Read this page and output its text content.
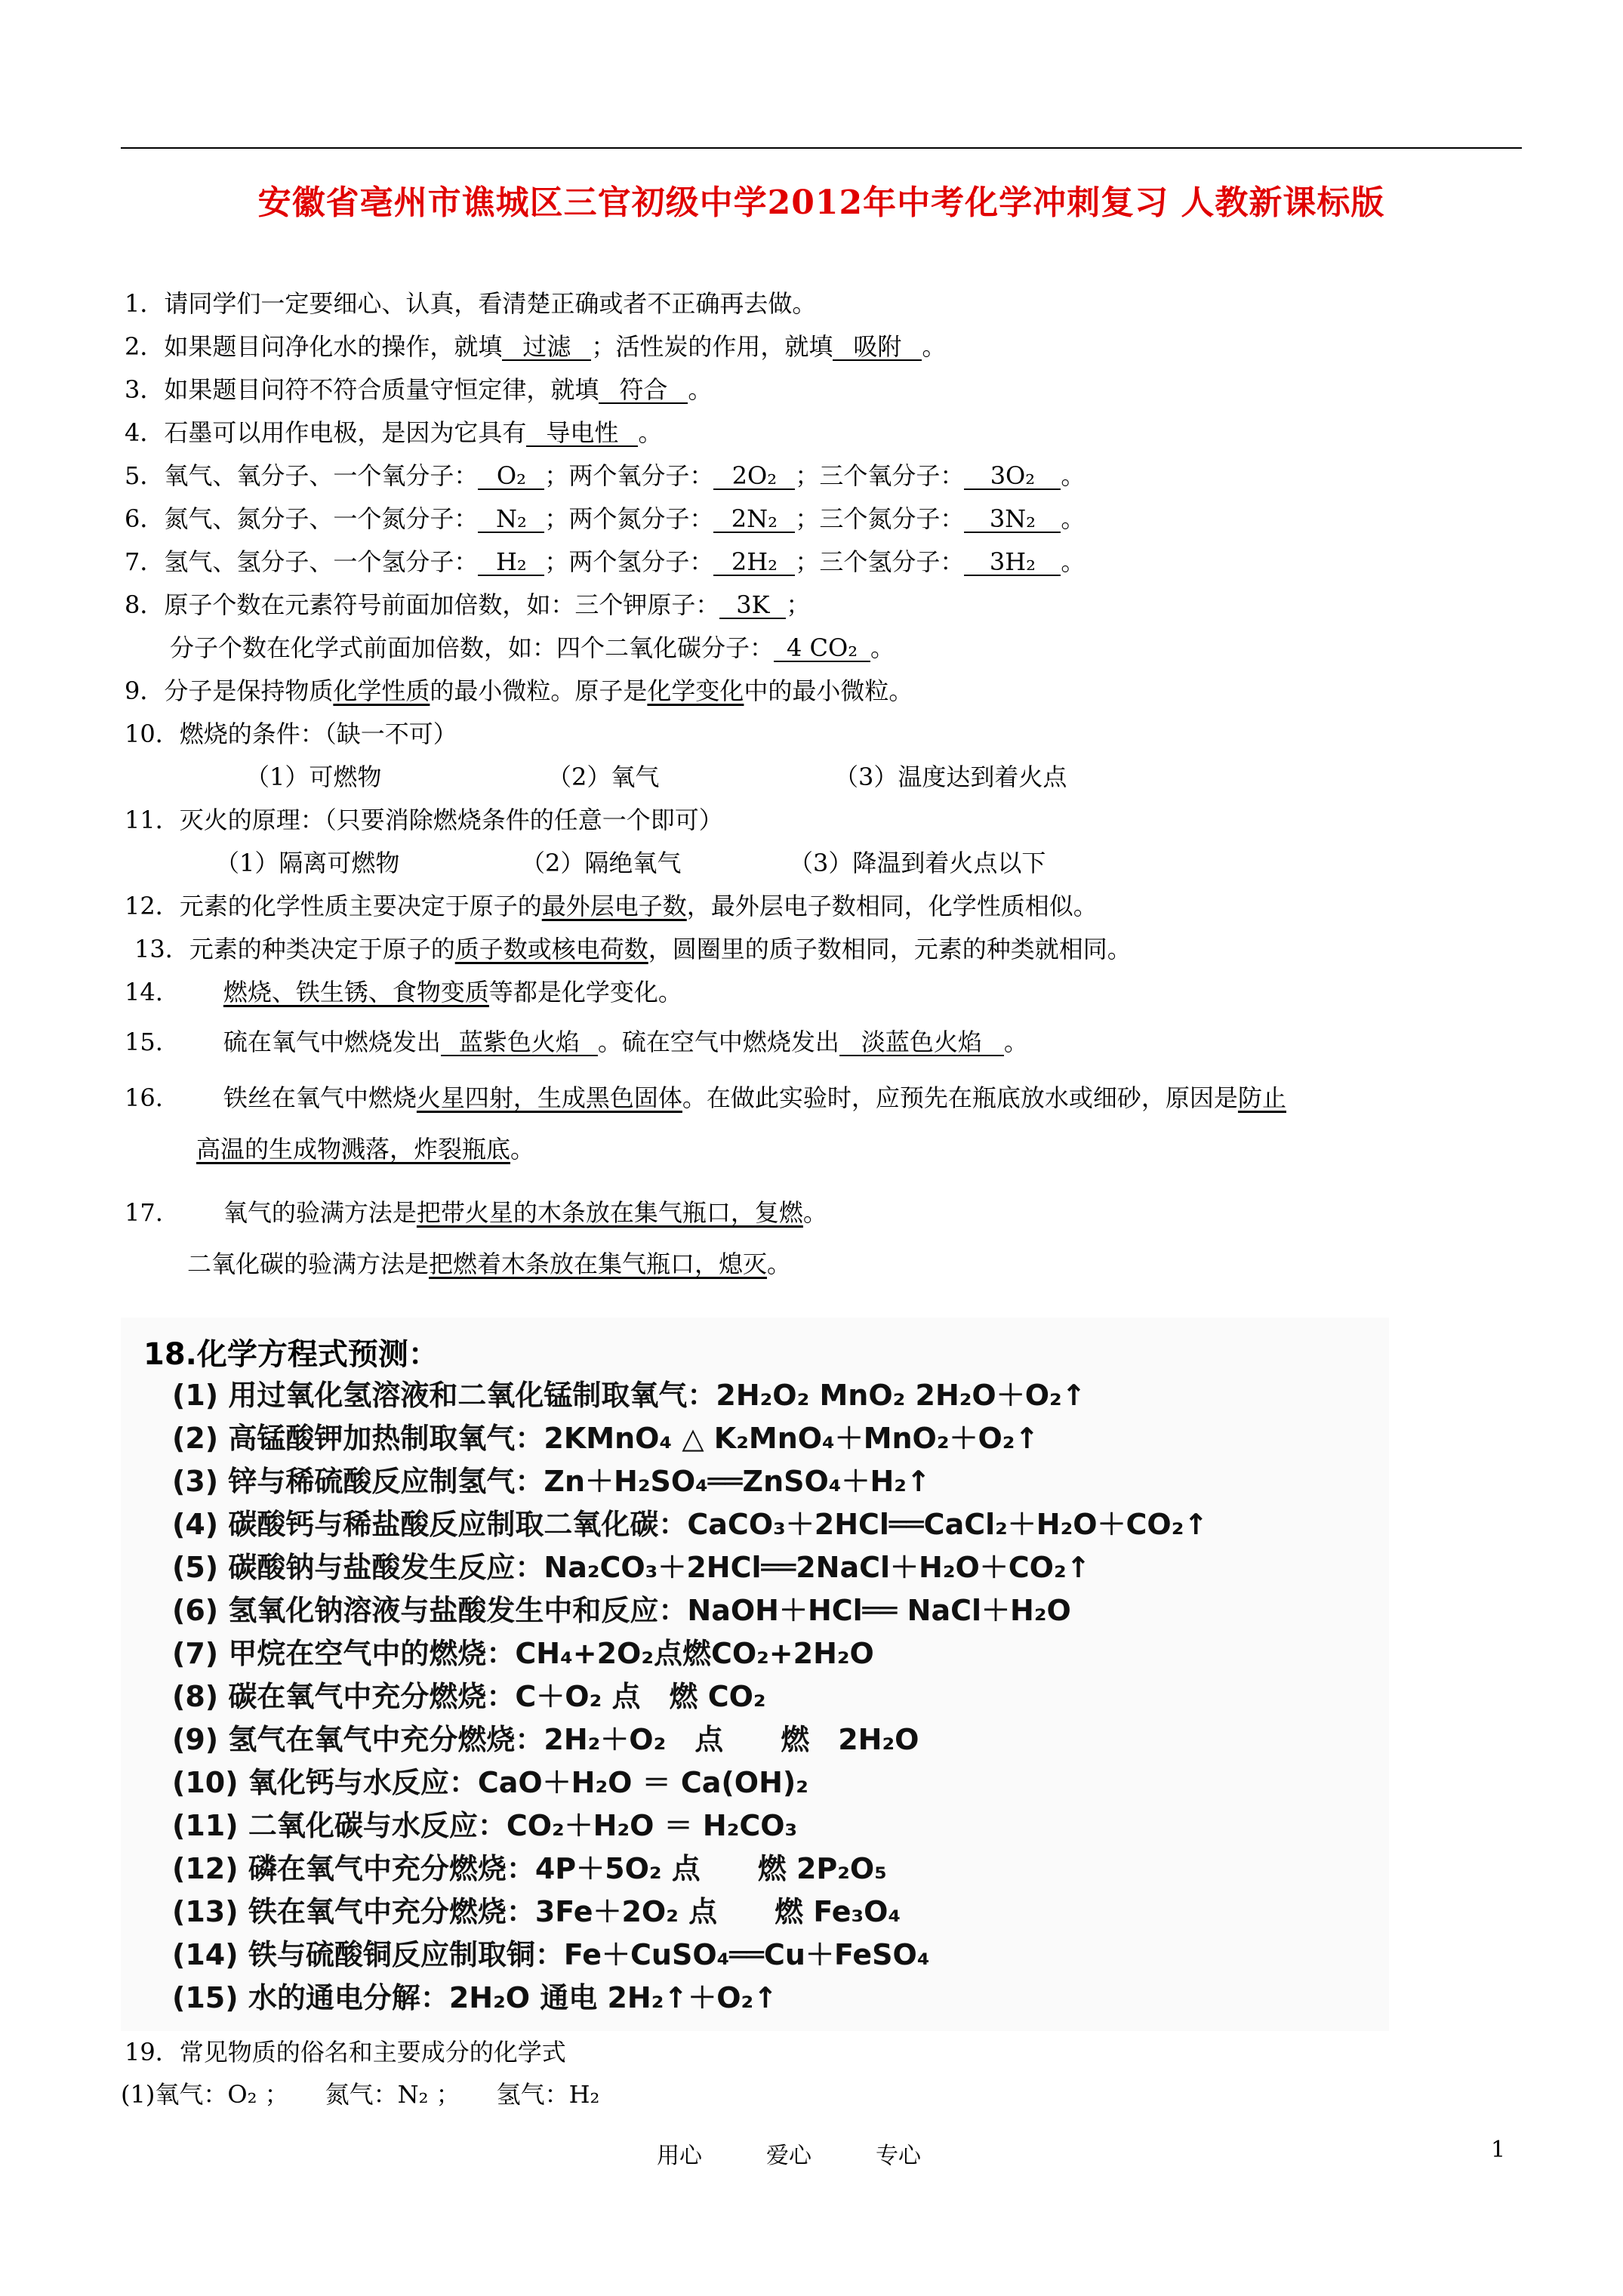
安徽省亳州市谯城区三官初级中学2012年中考化学冲刺复习 人教新课标版
1．请同学们一定要细心、认真，看清楚正确或者不正确再去做。
2．如果题目问净化水的操作，就填 过滤 ；活性炭的作用，就填 吸附 。
3．如果题目问符不符合质量守恒定律，就填 符合 。
4．石墨可以用作电极，是因为它具有 导电性 。
5．氧气、氧分子、一个氧分子： O₂ ；两个氧分子： 2O₂ ；三个氧分子： 3O₂ 。
6．氮气、氮分子、一个氮分子： N₂ ；两个氮分子： 2N₂ ；三个氮分子： 3N₂ 。
7．氢气、氢分子、一个氢分子： H₂ ；两个氢分子： 2H₂ ；三个氢分子： 3H₂ 。
8．原子个数在元素符号前面加倍数，如：三个钾原子： 3K ；
分子个数在化学式前面加倍数，如：四个二氧化碳分子： 4 CO₂ 。
9．分子是保持物质化学性质的最小微粒。原子是化学变化中的最小微粒。
10．燃烧的条件：（缺一不可）
（1）可燃物	（2）氧气	（3）温度达到着火点
11．灭火的原理：（只要消除燃烧条件的任意一个即可）
（1）隔离可燃物	（2）隔绝氧气	（3）降温到着火点以下
12．元素的化学性质主要决定于原子的最外层电子数，最外层电子数相同，化学性质相似。
13．元素的种类决定于原子的质子数或核电荷数，圆圈里的质子数相同，元素的种类就相同。
14.	燃烧、铁生锈、食物变质等都是化学变化。
15.	硫在氧气中燃烧发出 蓝紫色火焰 。硫在空气中燃烧发出 淡蓝色火焰 。
16.	铁丝在氧气中燃烧火星四射，生成黑色固体。在做此实验时，应预先在瓶底放水或细砂，原因是防止
高温的生成物溅落，炸裂瓶底。
17.	氧气的验满方法是把带火星的木条放在集气瓶口，复燃。
二氧化碳的验满方法是把燃着木条放在集气瓶口，熄灭。
18.化学方程式预测：
(1) 用过氧化氢溶液和二氧化锰制取氧气：2H₂O₂ MnO₂ 2H₂O＋O₂↑
(2) 高锰酸钾加热制取氧气：2KMnO₄ △ K₂MnO₄＋MnO₂＋O₂↑
(3) 锌与稀硫酸反应制氢气：Zn＋H₂SO₄══ZnSO₄＋H₂↑
(4) 碳酸钙与稀盐酸反应制取二氧化碳：CaCO₃＋2HCl══CaCl₂＋H₂O＋CO₂↑
(5) 碳酸钠与盐酸发生反应：Na₂CO₃＋2HCl══2NaCl＋H₂O＋CO₂↑
(6) 氢氧化钠溶液与盐酸发生中和反应：NaOH＋HCl══ NaCl＋H₂O
(7) 甲烷在空气中的燃烧：CH₄+2O₂点燃CO₂+2H₂O
(8) 碳在氧气中充分燃烧：C＋O₂ 点　燃 CO₂
(9) 氢气在氧气中充分燃烧：2H₂＋O₂　点　　燃　2H₂O
(10) 氧化钙与水反应：CaO＋H₂O ＝ Ca(OH)₂
(11) 二氧化碳与水反应：CO₂＋H₂O ＝ H₂CO₃
(12) 磷在氧气中充分燃烧：4P＋5O₂ 点　　燃 2P₂O₅
(13) 铁在氧气中充分燃烧：3Fe＋2O₂ 点　　燃 Fe₃O₄
(14) 铁与硫酸铜反应制取铜：Fe＋CuSO₄══Cu＋FeSO₄
(15) 水的通电分解：2H₂O 通电 2H₂↑＋O₂↑
19．常见物质的俗名和主要成分的化学式
(1)氧气：O₂ ；　　氮气：N₂ ；　　氢气：H₂
用心	爱心	专心	1
